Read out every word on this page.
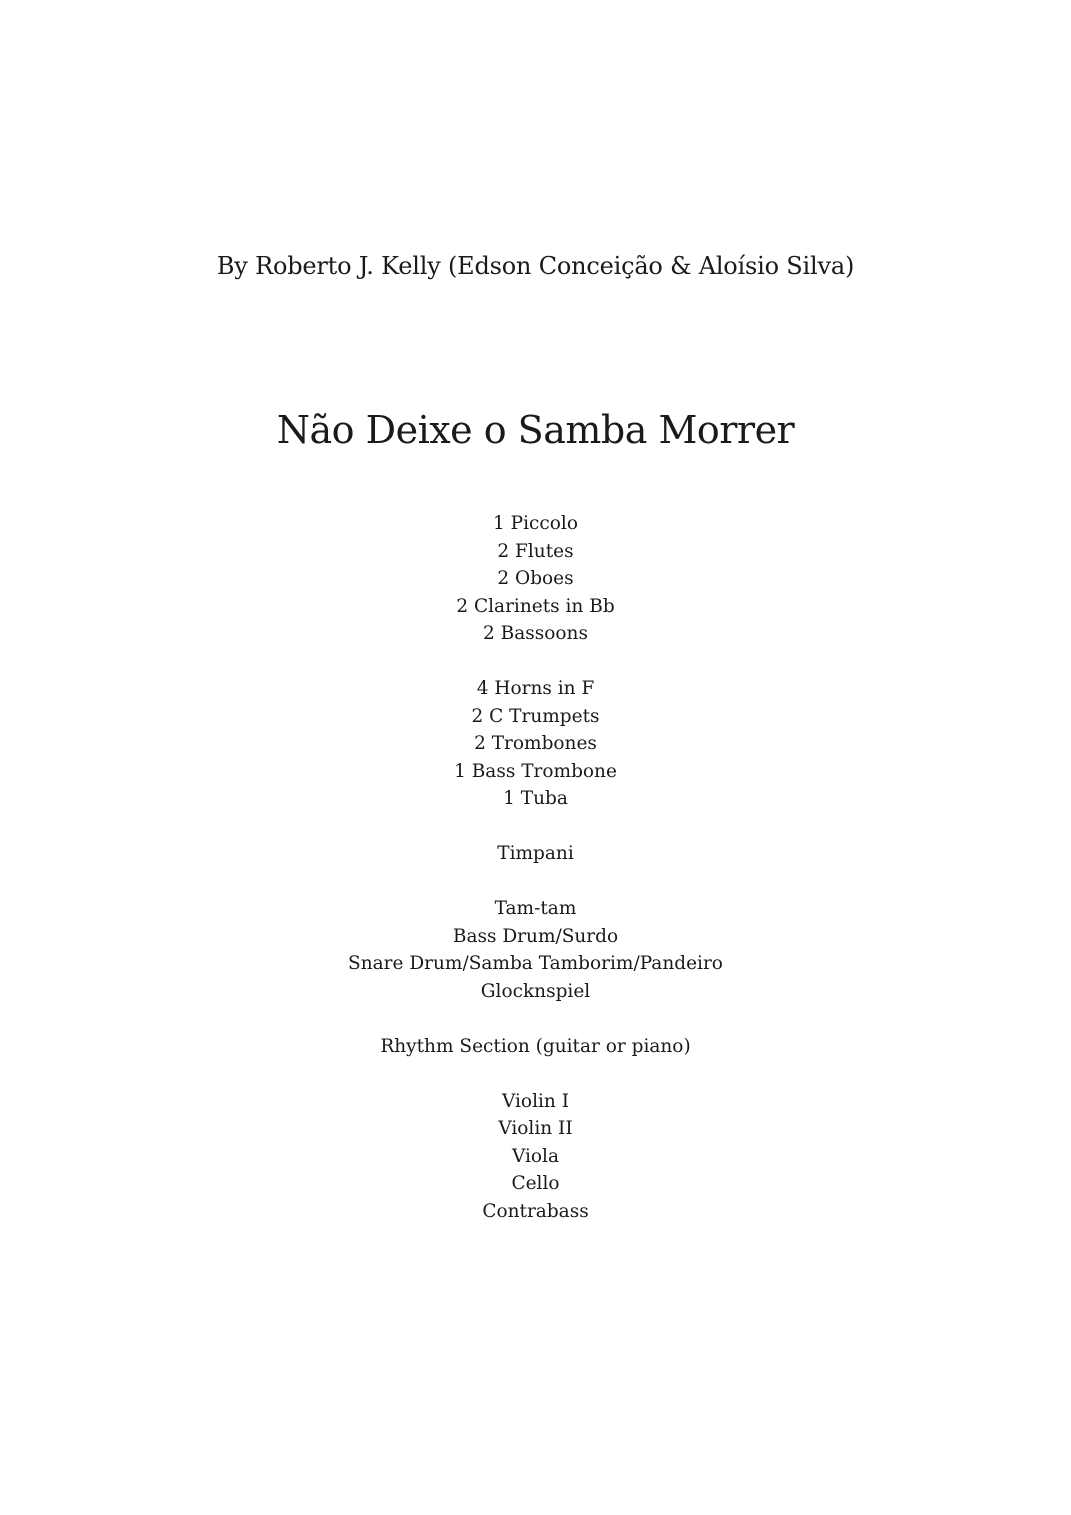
By Roberto J. Kelly (Edson Conceição & Aloísio Silva)
Não Deixe o Samba Morrer
1 Piccolo
2 Flutes
2 Oboes
2 Clarinets in Bb
2 Bassoons
4 Horns in F
2 C Trumpets
2 Trombones
1 Bass Trombone
1 Tuba
Timpani
Tam-tam
Bass Drum/Surdo
Snare Drum/Samba Tamborim/Pandeiro
Glocknspiel
Rhythm Section (guitar or piano)
Violin I
Violin II
Viola
Cello
Contrabass
